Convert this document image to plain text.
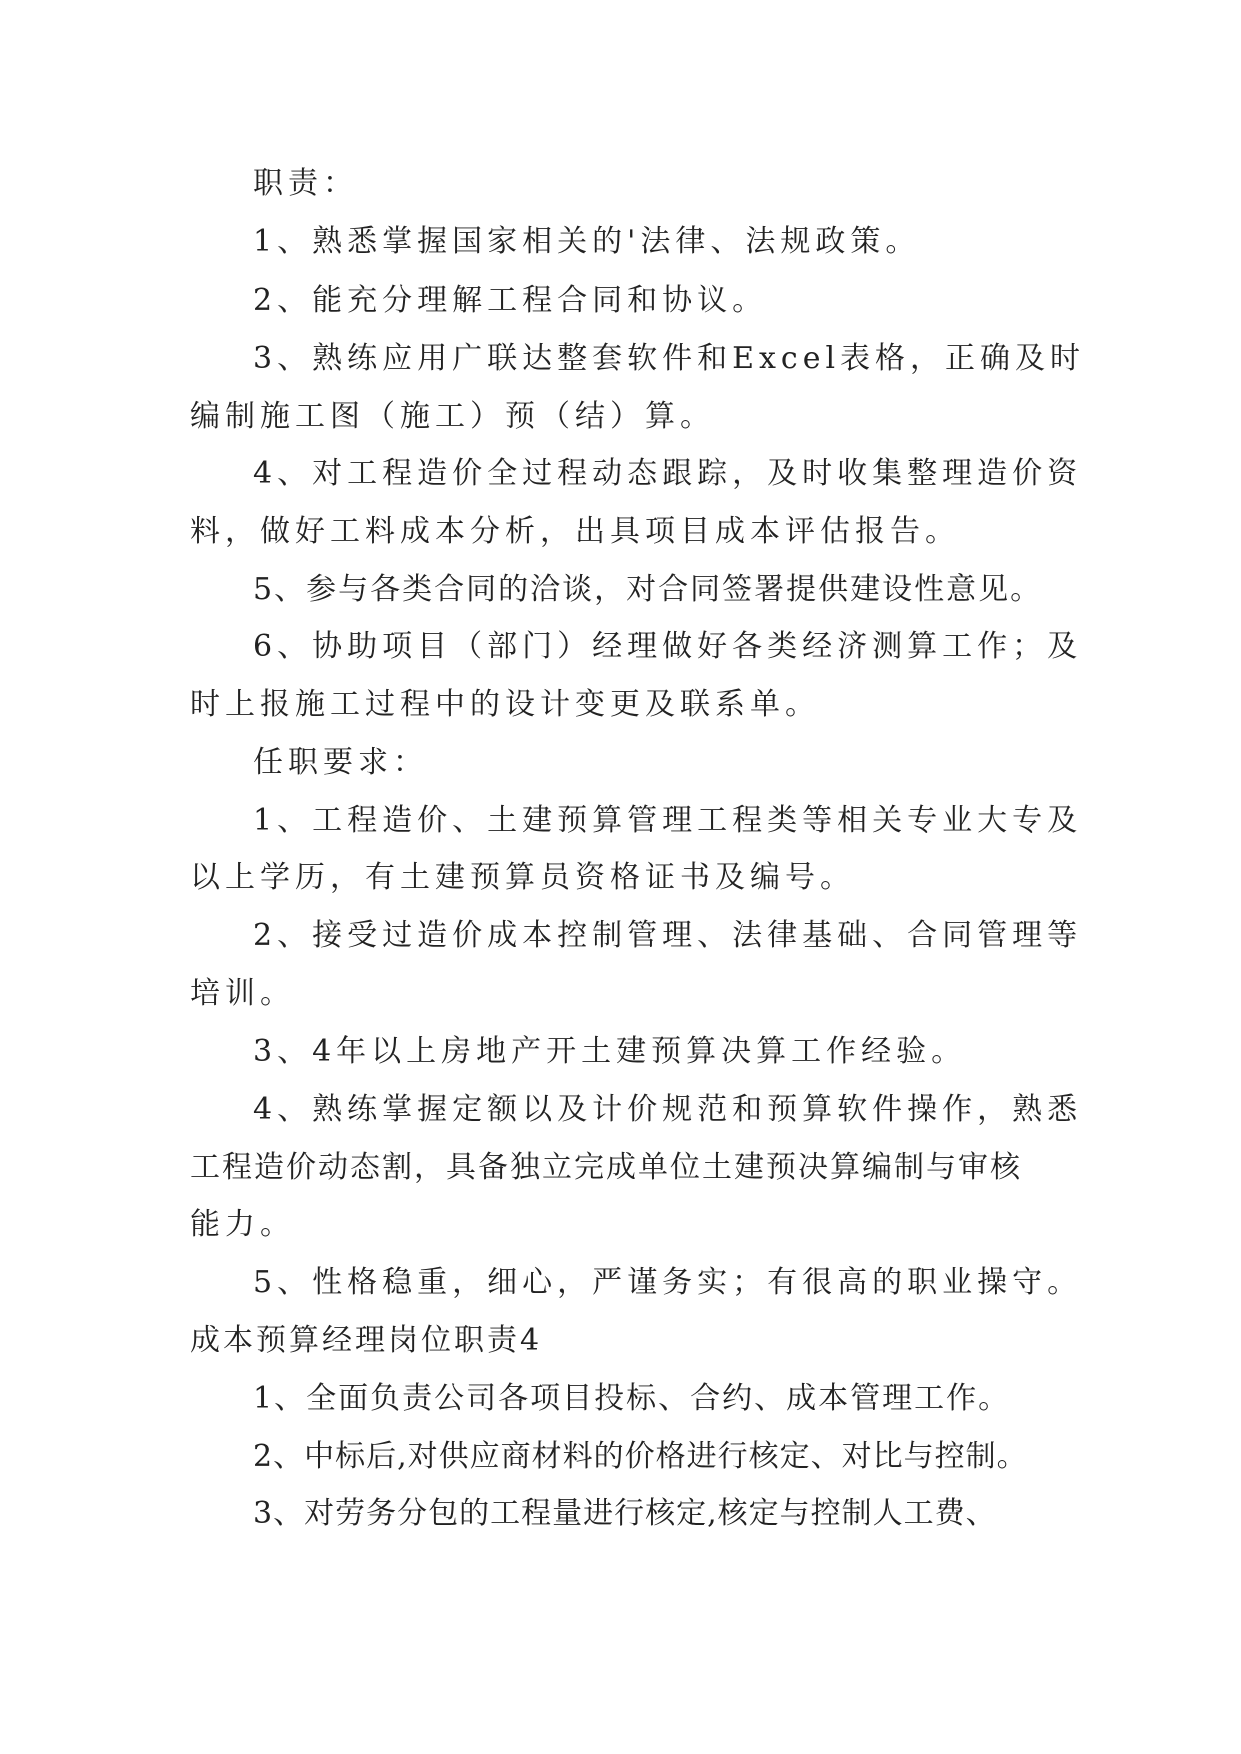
职责：
1、熟悉掌握国家相关的'法律、法规政策。
2、能充分理解工程合同和协议。
3、熟练应用广联达整套软件和Excel表格，正确及时
编制施工图（施工）预（结）算。
4、对工程造价全过程动态跟踪，及时收集整理造价资
料，做好工料成本分析，出具项目成本评估报告。
5、参与各类合同的洽谈，对合同签署提供建设性意见。
6、协助项目（部门）经理做好各类经济测算工作；及
时上报施工过程中的设计变更及联系单。
任职要求：
1、工程造价、土建预算管理工程类等相关专业大专及
以上学历，有土建预算员资格证书及编号。
2、接受过造价成本控制管理、法律基础、合同管理等
培训。
3、4年以上房地产开土建预算决算工作经验。
4、熟练掌握定额以及计价规范和预算软件操作，熟悉
工程造价动态割，具备独立完成单位土建预决算编制与审核
能力。
5、性格稳重，细心，严谨务实；有很高的职业操守。
成本预算经理岗位职责4
1、全面负责公司各项目投标、合约、成本管理工作。
2、中标后,对供应商材料的价格进行核定、对比与控制。
3、对劳务分包的工程量进行核定,核定与控制人工费、
